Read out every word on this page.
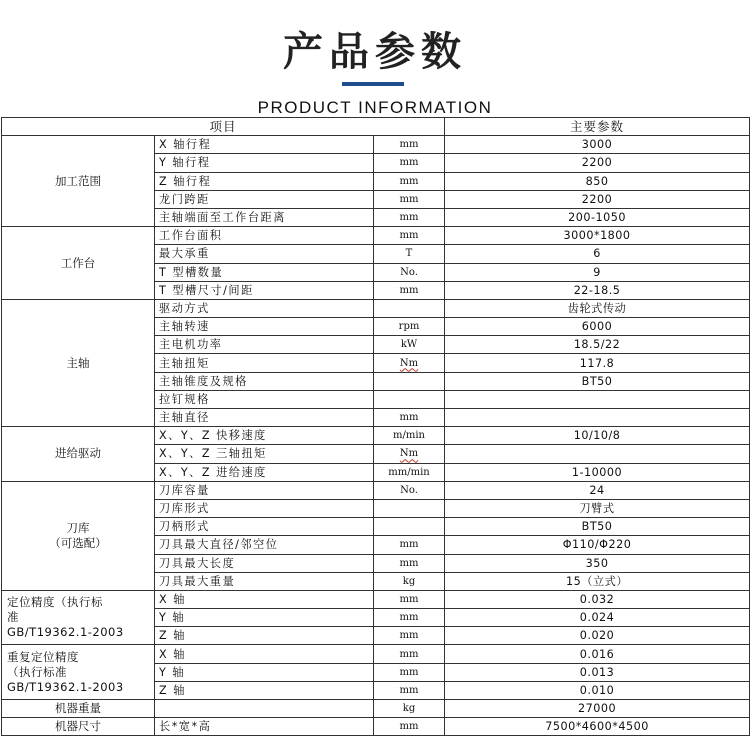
产品参数
PRODUCT INFORMATION
项目			主要参数

加工范围	X 轴行程	mm	3000
	Y 轴行程	mm	2200
	Z 轴行程	mm	850
	龙门跨距	mm	2200
	主轴端面至工作台距离	mm	200-1050

工作台	工作台面积	mm	3000*1800
	最大承重	T	6
	T 型槽数量	No.	9
	T 型槽尺寸/间距	mm	22-18.5

主轴	驱动方式		齿轮式传动
	主轴转速	rpm	6000
	主电机功率	kW	18.5/22
	主轴扭矩	Nm	117.8
	主轴锥度及规格		BT50
	拉钉规格		
	主轴直径	mm	

进给驱动	X、Y、Z 快移速度	m/min	10/10/8
	X、Y、Z 三轴扭矩	Nm	
	X、Y、Z 进给速度	mm/min	1-10000

刀库
（可选配）	刀库容量	No.	24
	刀库形式		刀臂式
	刀柄形式		BT50
	刀具最大直径/邻空位	mm	Φ110/Φ220
	刀具最大长度	mm	350
	刀具最大重量	kg	15（立式）

定位精度（执行标
准
GB/T19362.1-2003	X 轴	mm	0.032
	Y 轴	mm	0.024
	Z 轴	mm	0.020

重复定位精度
（执行标准
GB/T19362.1-2003	X 轴	mm	0.016
	Y 轴	mm	0.013
	Z 轴	mm	0.010

机器重量		kg	27000

机器尺寸	长*宽*高	mm	7500*4600*4500
